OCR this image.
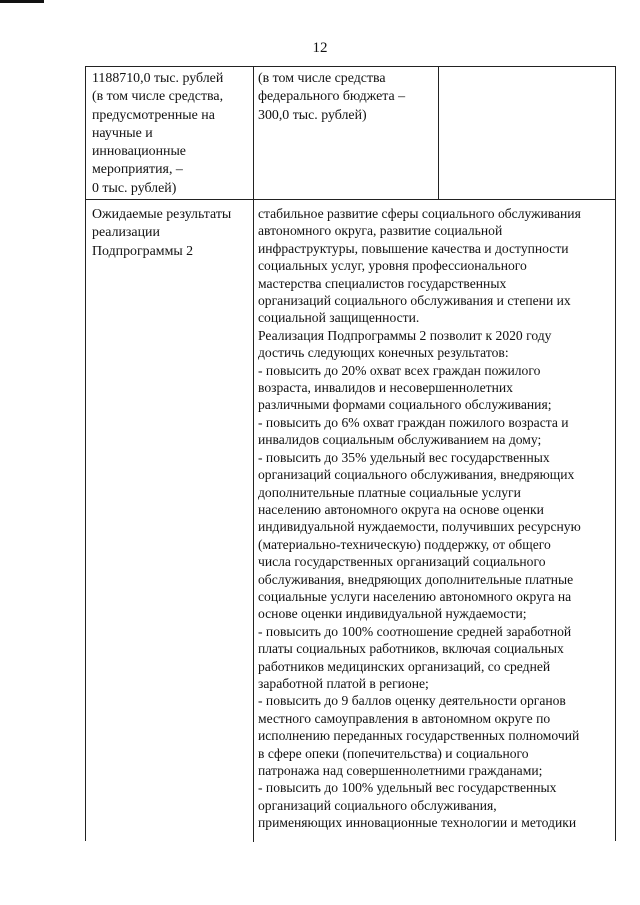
12
1188710,0 тыс. рублей
(в том числе средства,
предусмотренные на
научные и
инновационные
мероприятия, –
0 тыс. рублей)
(в том числе средства
федерального бюджета –
300,0 тыс. рублей)
Ожидаемые результаты
реализации
Подпрограммы 2
стабильное развитие сферы социального обслуживания
автономного округа, развитие социальной
инфраструктуры, повышение качества и доступности
социальных услуг, уровня профессионального
мастерства специалистов государственных
организаций социального обслуживания и степени их
социальной защищенности.
Реализация Подпрограммы 2 позволит к 2020 году
достичь следующих конечных результатов:
- повысить до 20% охват всех граждан пожилого
возраста, инвалидов и несовершеннолетних
различными формами социального обслуживания;
- повысить до 6% охват граждан пожилого возраста и
инвалидов социальным обслуживанием на дому;
- повысить до 35% удельный вес государственных
организаций социального обслуживания, внедряющих
дополнительные платные социальные услуги
населению автономного округа на основе оценки
индивидуальной нуждаемости, получивших ресурсную
(материально-техническую) поддержку, от общего
числа государственных организаций социального
обслуживания, внедряющих дополнительные платные
социальные услуги населению автономного округа на
основе оценки индивидуальной нуждаемости;
- повысить до 100% соотношение средней заработной
платы социальных работников, включая социальных
работников медицинских организаций, со средней
заработной платой в регионе;
- повысить до 9 баллов оценку деятельности органов
местного самоуправления в автономном округе по
исполнению переданных государственных полномочий
в сфере опеки (попечительства) и социального
патронажа над совершеннолетними гражданами;
- повысить до 100% удельный вес государственных
организаций социального обслуживания,
применяющих инновационные технологии и методики
